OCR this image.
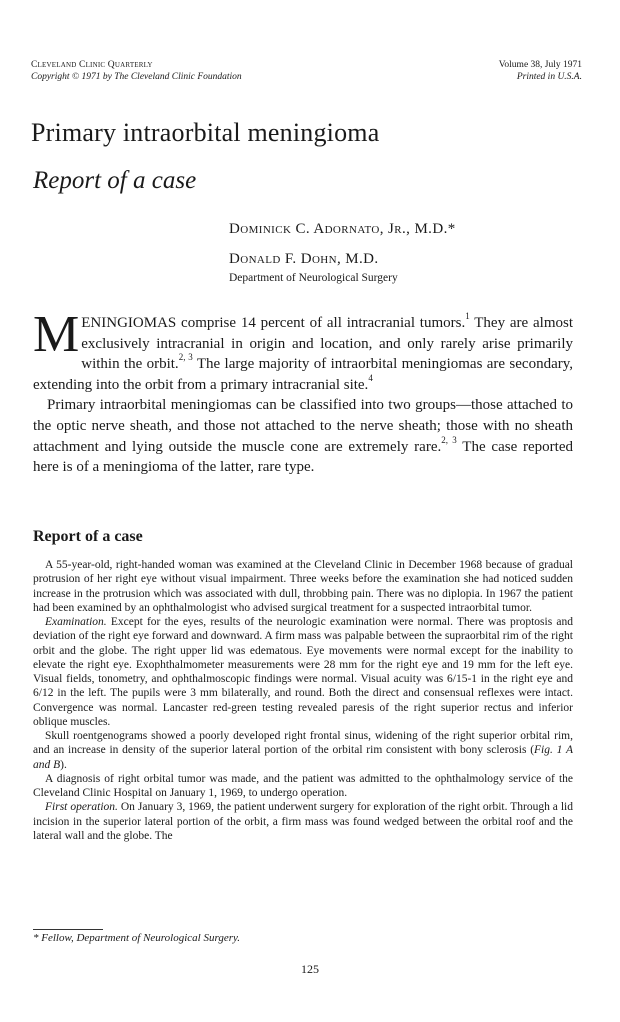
Cleveland Clinic Quarterly
Copyright © 1971 by The Cleveland Clinic Foundation
Volume 38, July 1971
Printed in U.S.A.
Primary intraorbital meningioma
Report of a case
Dominick C. Adornato, Jr., M.D.*
Donald F. Dohn, M.D.
Department of Neurological Surgery

MENINGIOMAS comprise 14 percent of all intracranial tumors.$^1$ They are almost exclusively intracranial in origin and location, and only rarely arise primarily within the orbit.$^{2, 3}$ The large majority of intraorbital meningiomas are secondary, extending into the orbit from a primary intracranial site.$^4$

Primary intraorbital meningiomas can be classified into two groups—those attached to the optic nerve sheath, and those not attached to the nerve sheath; those with no sheath attachment and lying outside the muscle cone are extremely rare.$^{2, 3}$ The case reported here is of a meningioma of the latter, rare type.

Report of a case

A 55-year-old, right-handed woman was examined at the Cleveland Clinic in December 1968 because of gradual protrusion of her right eye without visual impairment. Three weeks before the examination she had noticed sudden increase in the protrusion which was associated with dull, throbbing pain. There was no diplopia. In 1967 the patient had been examined by an ophthalmologist who advised surgical treatment for a suspected intraorbital tumor.

Examination. Except for the eyes, results of the neurologic examination were normal. There was proptosis and deviation of the right eye forward and downward. A firm mass was palpable between the supraorbital rim of the right orbit and the globe. The right upper lid was edematous. Eye movements were normal except for the inability to elevate the right eye. Exophthalmometer measurements were 28 mm for the right eye and 19 mm for the left eye. Visual fields, tonometry, and ophthalmoscopic findings were normal. Visual acuity was 6/15-1 in the right eye and 6/12 in the left. The pupils were 3 mm bilaterally, and round. Both the direct and consensual reflexes were intact. Convergence was normal. Lancaster red-green testing revealed paresis of the right superior rectus and inferior oblique muscles.

Skull roentgenograms showed a poorly developed right frontal sinus, widening of the right superior orbital rim, and an increase in density of the superior lateral portion of the orbital rim consistent with bony sclerosis (Fig. 1 A and B).

A diagnosis of right orbital tumor was made, and the patient was admitted to the ophthalmology service of the Cleveland Clinic Hospital on January 1, 1969, to undergo operation.

First operation. On January 3, 1969, the patient underwent surgery for exploration of the right orbit. Through a lid incision in the superior lateral portion of the orbit, a firm mass was found wedged between the orbital roof and the lateral wall and the globe. The

* Fellow, Department of Neurological Surgery.
125
